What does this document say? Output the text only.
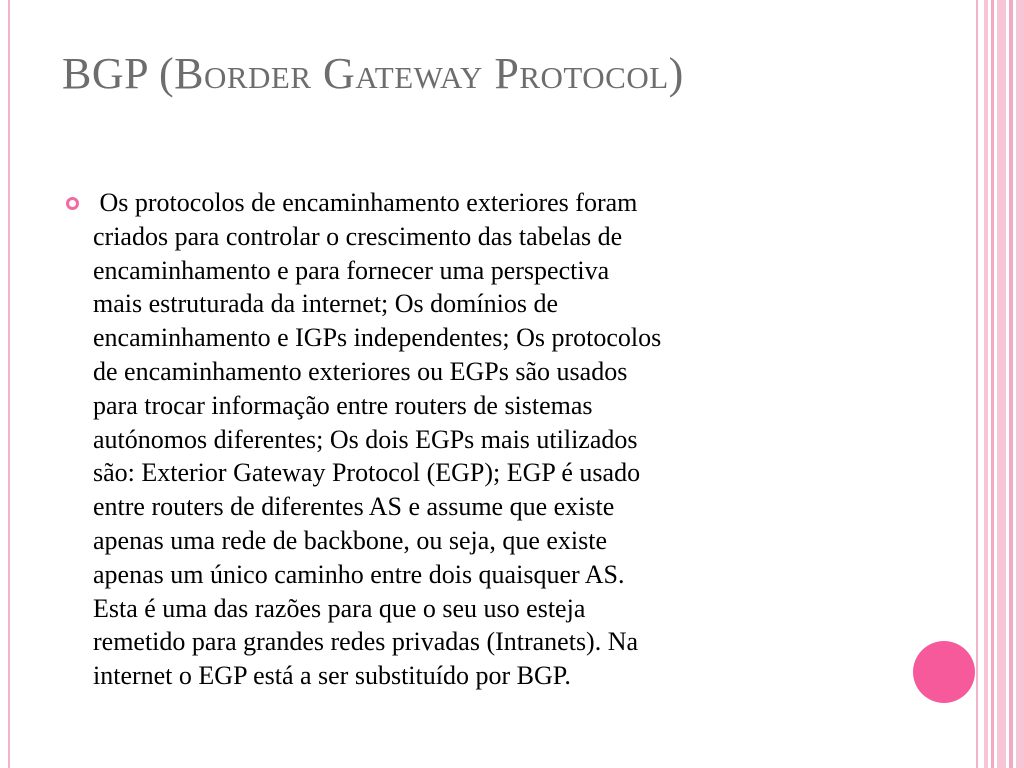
BGP (Border Gateway Protocol)
Os protocolos de encaminhamento exteriores foram
criados para controlar o crescimento das tabelas de
encaminhamento e para fornecer uma perspectiva
mais estruturada da internet; Os domínios de
encaminhamento e IGPs independentes; Os protocolos
de encaminhamento exteriores ou EGPs são usados
para trocar informação entre routers de sistemas
autónomos diferentes; Os dois EGPs mais utilizados
são: Exterior Gateway Protocol (EGP); EGP é usado
entre routers de diferentes AS e assume que existe
apenas uma rede de backbone, ou seja, que existe
apenas um único caminho entre dois quaisquer AS.
Esta é uma das razões para que o seu uso esteja
remetido para grandes redes privadas (Intranets). Na
internet o EGP está a ser substituído por BGP.
